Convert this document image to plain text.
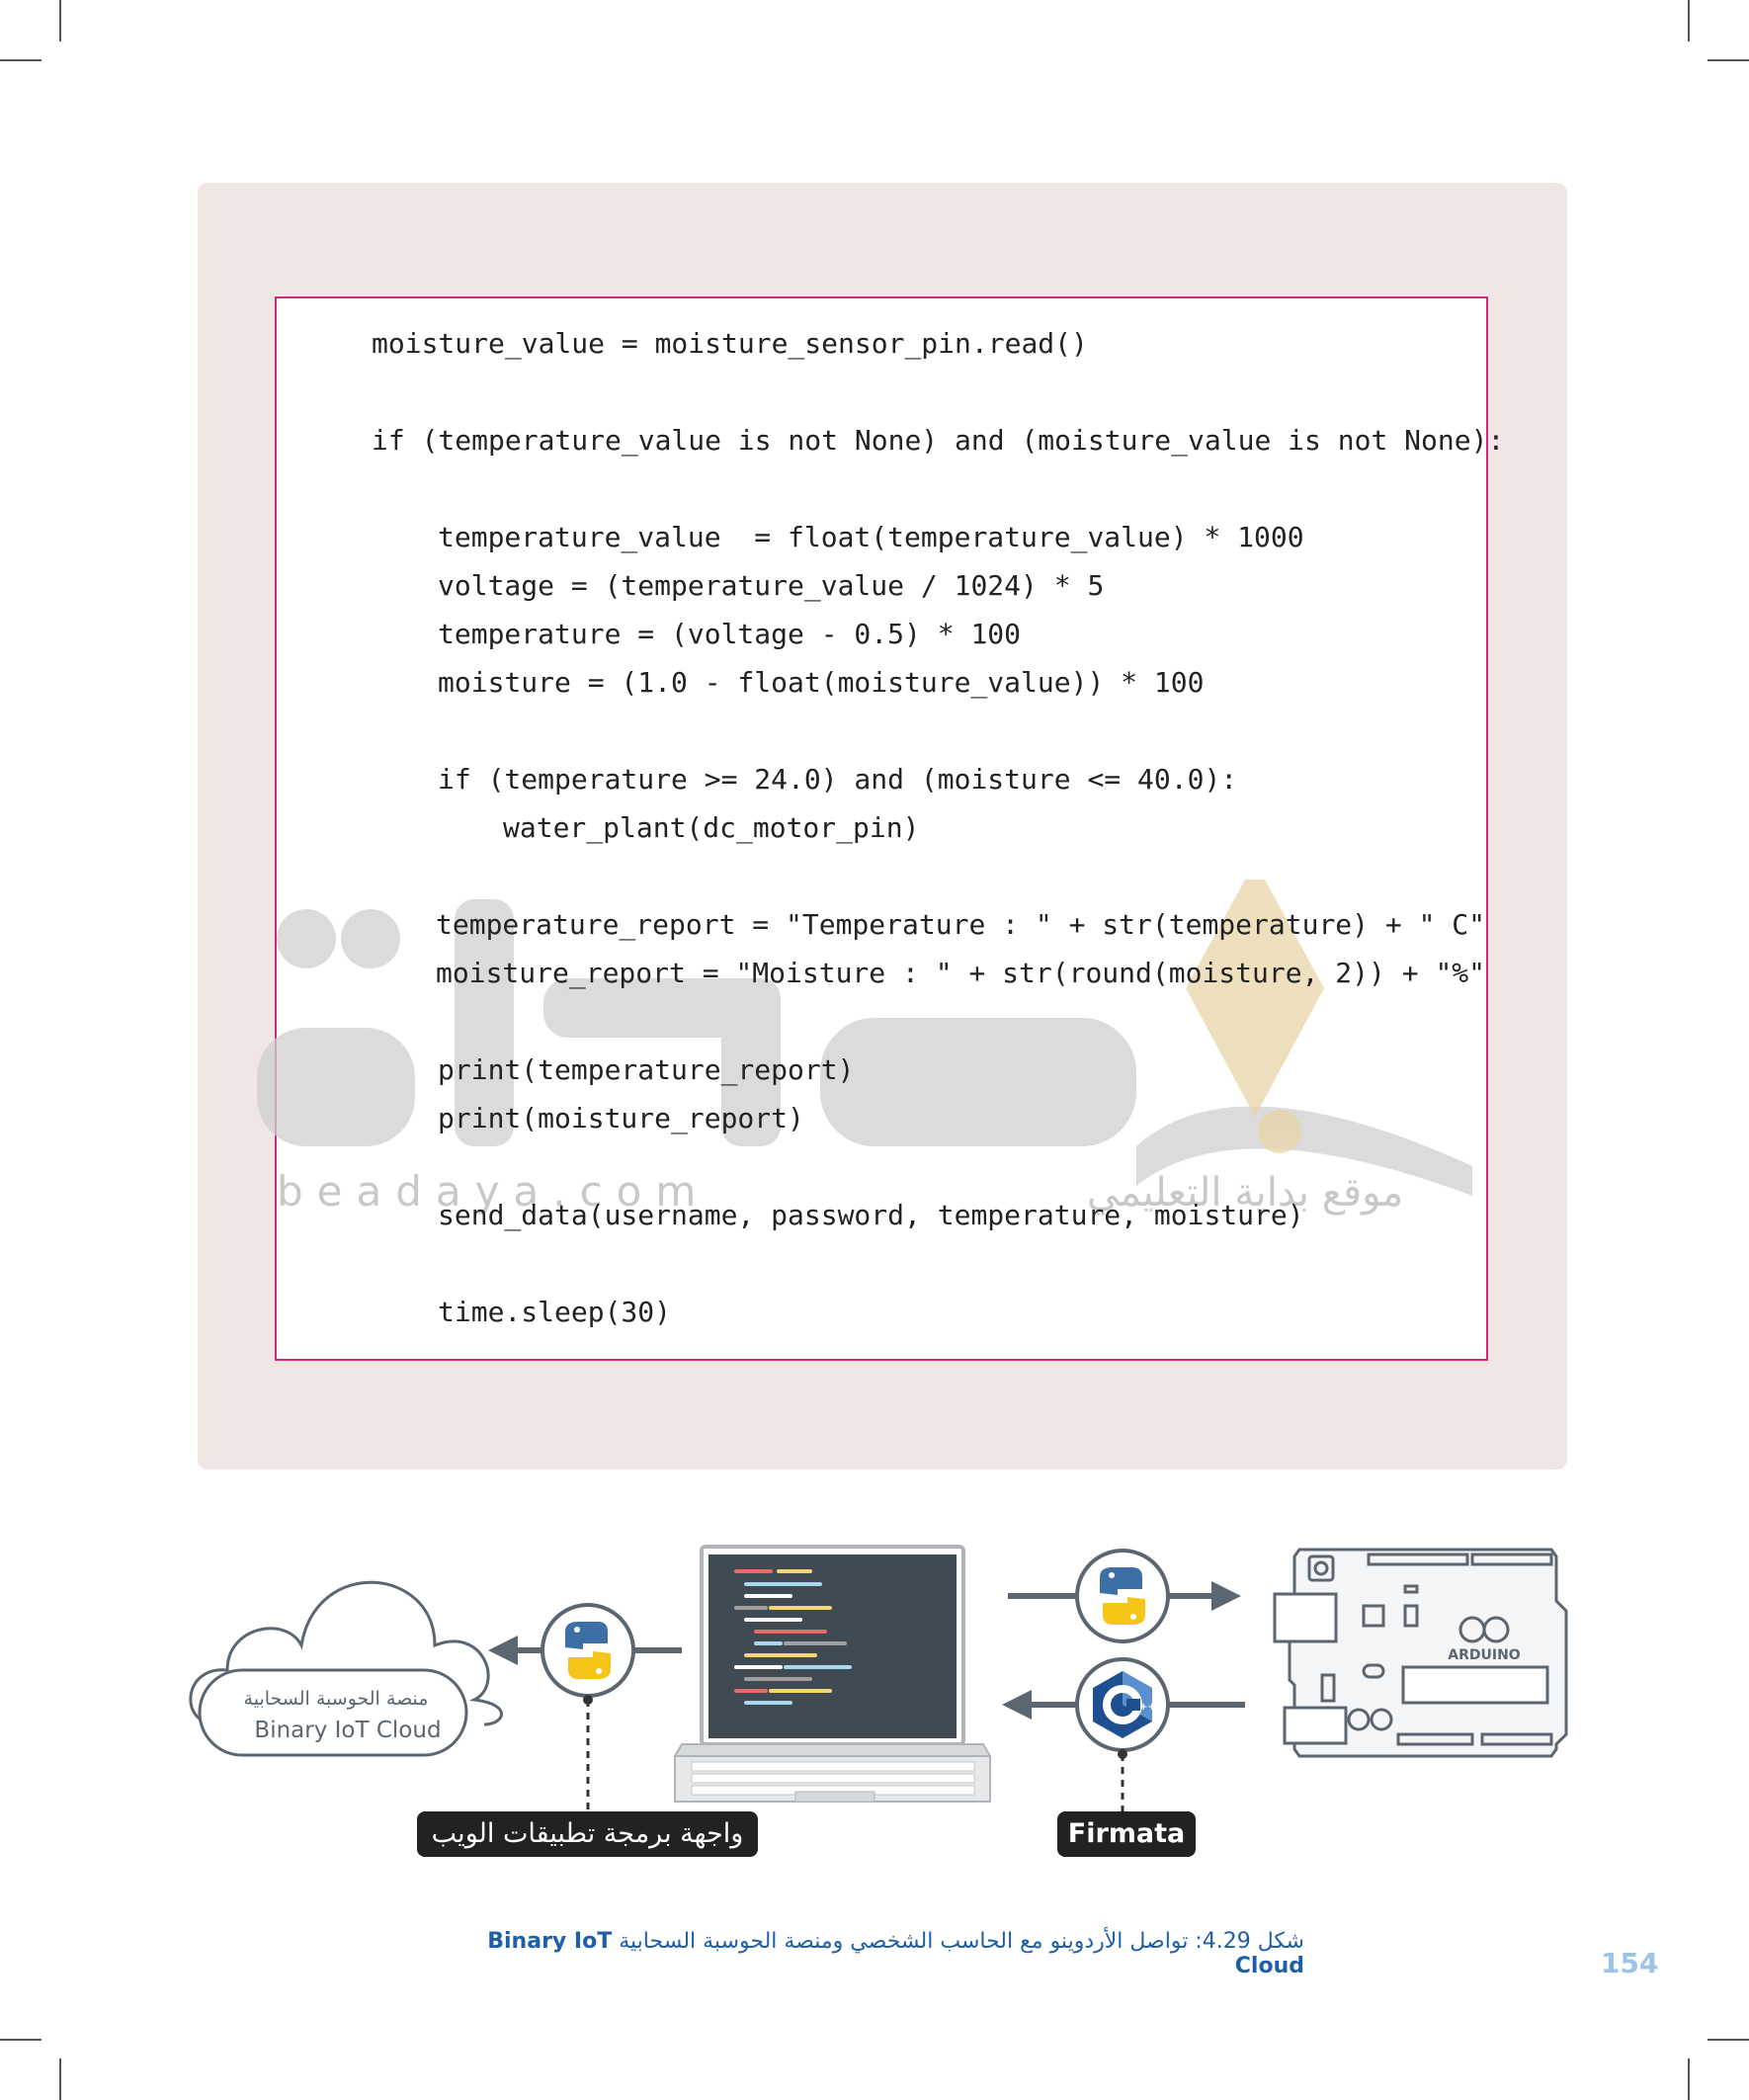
beadaya.com	موقع بداية التعليمي
moisture_value = moisture_sensor_pin.read()
if (temperature_value is not None) and (moisture_value is not None):
temperature_value  = float(temperature_value) * 1000
voltage = (temperature_value / 1024) * 5
temperature = (voltage - 0.5) * 100
moisture = (1.0 - float(moisture_value)) * 100
if (temperature >= 24.0) and (moisture <= 40.0):
water_plant(dc_motor_pin)
temperature_report = "Temperature : " + str(temperature) + " C"
moisture_report = "Moisture : " + str(round(moisture, 2)) + "%"
print(temperature_report)
print(moisture_report)
send_data(username, password, temperature, moisture)
time.sleep(30)
منصة الحوسبة السحابية
Binary IoT Cloud
++
ARDUINO
واجهة برمجة تطبيقات الويب	Firmata
شكل 4.29: تواصل الأردوينو مع الحاسب الشخصي ومنصة الحوسبة السحابية Binary IoT Cloud	154
